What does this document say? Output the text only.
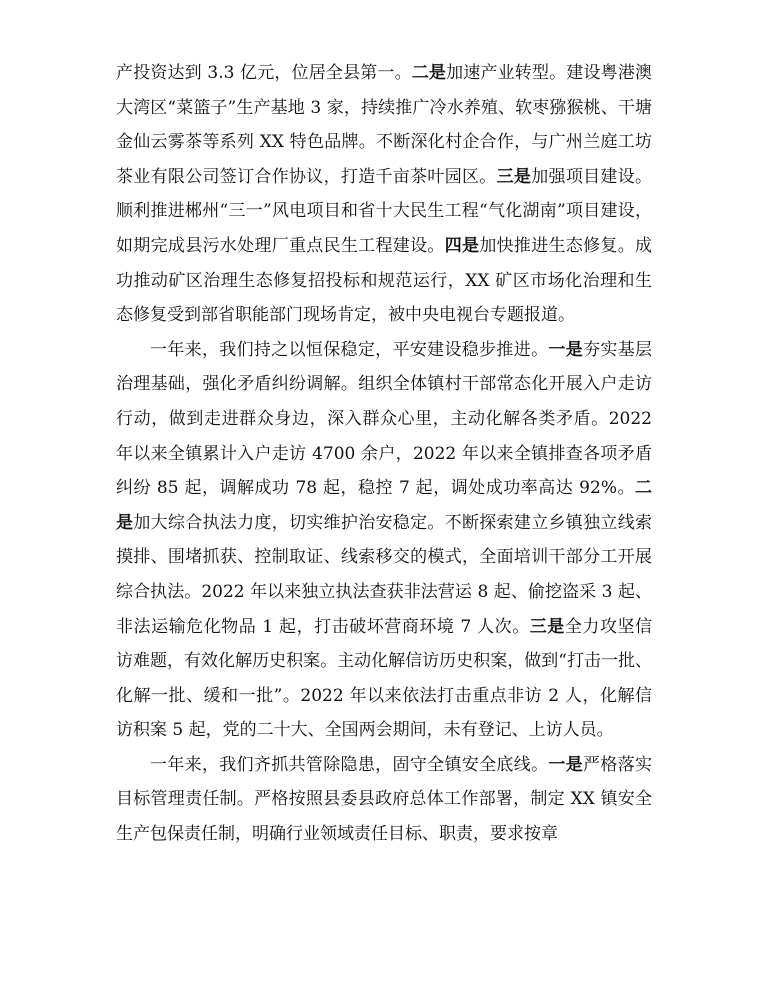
产投资达到 3.3 亿元，位居全县第一。二是加速产业转型。建设粤港澳大湾区“菜篮子”生产基地 3 家，持续推广冷水养殖、软枣猕猴桃、干塘金仙云雾茶等系列 XX 特色品牌。不断深化村企合作，与广州兰庭工坊茶业有限公司签订合作协议，打造千亩茶叶园区。三是加强项目建设。顺利推进郴州“三一”风电项目和省十大民生工程“气化湖南”项目建设，如期完成县污水处理厂重点民生工程建设。四是加快推进生态修复。成功推动矿区治理生态修复招投标和规范运行，XX 矿区市场化治理和生态修复受到部省职能部门现场肯定，被中央电视台专题报道。

一年来，我们持之以恒保稳定，平安建设稳步推进。一是夯实基层治理基础，强化矛盾纠纷调解。组织全体镇村干部常态化开展入户走访行动，做到走进群众身边，深入群众心里，主动化解各类矛盾。2022 年以来全镇累计入户走访 4700 余户，2022 年以来全镇排查各项矛盾纠纷 85 起，调解成功 78 起，稳控 7 起，调处成功率高达 92%。二是加大综合执法力度，切实维护治安稳定。不断探索建立乡镇独立线索摸排、围堵抓获、控制取证、线索移交的模式，全面培训干部分工开展综合执法。2022 年以来独立执法查获非法营运 8 起、偷挖盗采 3 起、非法运输危化物品 1 起，打击破坏营商环境 7 人次。三是全力攻坚信访难题，有效化解历史积案。主动化解信访历史积案，做到“打击一批、化解一批、缓和一批”。2022 年以来依法打击重点非访 2 人，化解信访积案 5 起，党的二十大、全国两会期间，未有登记、上访人员。

一年来，我们齐抓共管除隐患，固守全镇安全底线。一是严格落实目标管理责任制。严格按照县委县政府总体工作部署，制定 XX 镇安全生产包保责任制，明确行业领域责任目标、职责，要求按章
